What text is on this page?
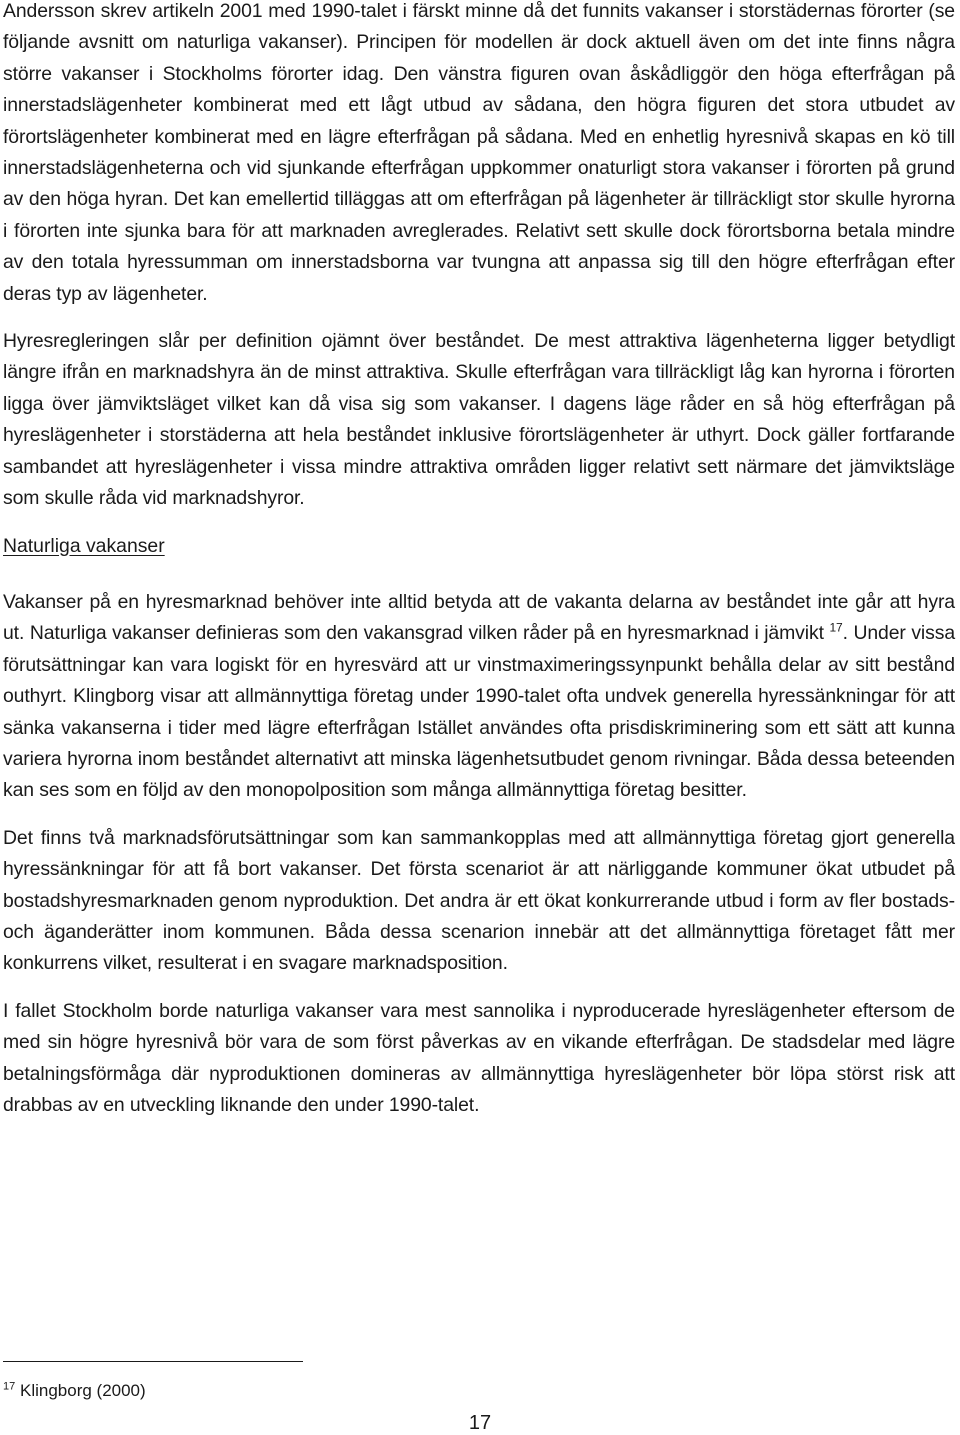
Andersson skrev artikeln 2001 med 1990-talet i färskt minne då det funnits vakanser i storstädernas förorter (se följande avsnitt om naturliga vakanser). Principen för modellen är dock aktuell även om det inte finns några större vakanser i Stockholms förorter idag. Den vänstra figuren ovan åskådliggör den höga efterfrågan på innerstadslägenheter kombinerat med ett lågt utbud av sådana, den högra figuren det stora utbudet av förortslägenheter kombinerat med en lägre efterfrågan på sådana. Med en enhetlig hyresnivå skapas en kö till innerstadslägenheterna och vid sjunkande efterfrågan uppkommer onaturligt stora vakanser i förorten på grund av den höga hyran. Det kan emellertid tilläggas att om efterfrågan på lägenheter är tillräckligt stor skulle hyrorna i förorten inte sjunka bara för att marknaden avreglerades. Relativt sett skulle dock förortsborna betala mindre av den totala hyressumman om innerstadsborna var tvungna att anpassa sig till den högre efterfrågan efter deras typ av lägenheter.

Hyresregleringen slår per definition ojämnt över beståndet. De mest attraktiva lägenheterna ligger betydligt längre ifrån en marknadshyra än de minst attraktiva. Skulle efterfrågan vara tillräckligt låg kan hyrorna i förorten ligga över jämviktsläget vilket kan då visa sig som vakanser. I dagens läge råder en så hög efterfrågan på hyreslägenheter i storstäderna att hela beståndet inklusive förortslägenheter är uthyrt. Dock gäller fortfarande sambandet att hyreslägenheter i vissa mindre attraktiva områden ligger relativt sett närmare det jämviktsläge som skulle råda vid marknadshyror.

Naturliga vakanser

Vakanser på en hyresmarknad behöver inte alltid betyda att de vakanta delarna av beståndet inte går att hyra ut. Naturliga vakanser definieras som den vakansgrad vilken råder på en hyresmarknad i jämvikt $^{17}$. Under vissa förutsättningar kan vara logiskt för en hyresvärd att ur vinstmaximeringssynpunkt behålla delar av sitt bestånd outhyrt. Klingborg visar att allmännyttiga företag under 1990-talet ofta undvek generella hyressänkningar för att sänka vakanserna i tider med lägre efterfrågan Istället användes ofta prisdiskriminering som ett sätt att kunna variera hyrorna inom beståndet alternativt att minska lägenhetsutbudet genom rivningar. Båda dessa beteenden kan ses som en följd av den monopolposition som många allmännyttiga företag besitter.

Det finns två marknadsförutsättningar som kan sammankopplas med att allmännyttiga företag gjort generella hyressänkningar för att få bort vakanser. Det första scenariot är att närliggande kommuner ökat utbudet på bostadshyresmarknaden genom nyproduktion. Det andra är ett ökat konkurrerande utbud i form av fler bostads- och äganderätter inom kommunen. Båda dessa scenarion innebär att det allmännyttiga företaget fått mer konkurrens vilket, resulterat i en svagare marknadsposition.

I fallet Stockholm borde naturliga vakanser vara mest sannolika i nyproducerade hyreslägenheter eftersom de med sin högre hyresnivå bör vara de som först påverkas av en vikande efterfrågan. De stadsdelar med lägre betalningsförmåga där nyproduktionen domineras av allmännyttiga hyreslägenheter bör löpa störst risk att drabbas av en utveckling liknande den under 1990-talet.

$^{17}$ Klingborg (2000)
17
